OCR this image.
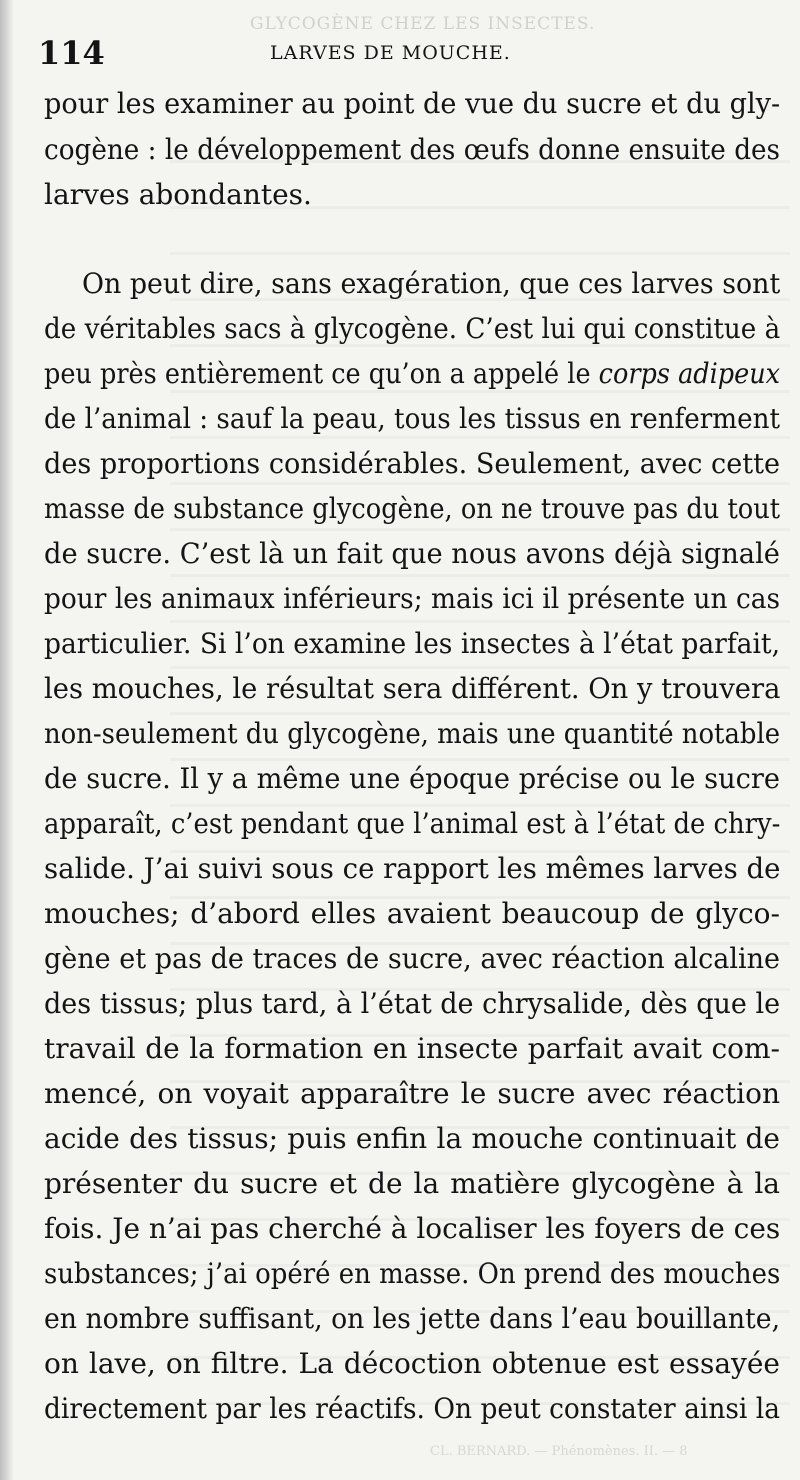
GLYCOGÈNE CHEZ LES INSECTES.
114	LARVES DE MOUCHE.
pour les examiner au point de vue du sucre et du gly-
cogène : le développement des œufs donne ensuite des
larves abondantes.
On peut dire, sans exagération, que ces larves sont
de véritables sacs à glycogène. C’est lui qui constitue à
peu près entièrement ce qu’on a appelé le corps adipeux
de l’animal : sauf la peau, tous les tissus en renferment
des proportions considérables. Seulement, avec cette
masse de substance glycogène, on ne trouve pas du tout
de sucre. C’est là un fait que nous avons déjà signalé
pour les animaux inférieurs; mais ici il présente un cas
particulier. Si l’on examine les insectes à l’état parfait,
les mouches, le résultat sera différent. On y trouvera
non-seulement du glycogène, mais une quantité notable
de sucre. Il y a même une époque précise ou le sucre
apparaît, c’est pendant que l’animal est à l’état de chry-
salide. J’ai suivi sous ce rapport les mêmes larves de
mouches; d’abord elles avaient beaucoup de glyco-
gène et pas de traces de sucre, avec réaction alcaline
des tissus; plus tard, à l’état de chrysalide, dès que le
travail de la formation en insecte parfait avait com-
mencé, on voyait apparaître le sucre avec réaction
acide des tissus; puis enfin la mouche continuait de
présenter du sucre et de la matière glycogène à la
fois. Je n’ai pas cherché à localiser les foyers de ces
substances; j’ai opéré en masse. On prend des mouches
en nombre suffisant, on les jette dans l’eau bouillante,
on lave, on filtre. La décoction obtenue est essayée
directement par les réactifs. On peut constater ainsi la
CL. BERNARD. — Phénomènes. II. — 8
